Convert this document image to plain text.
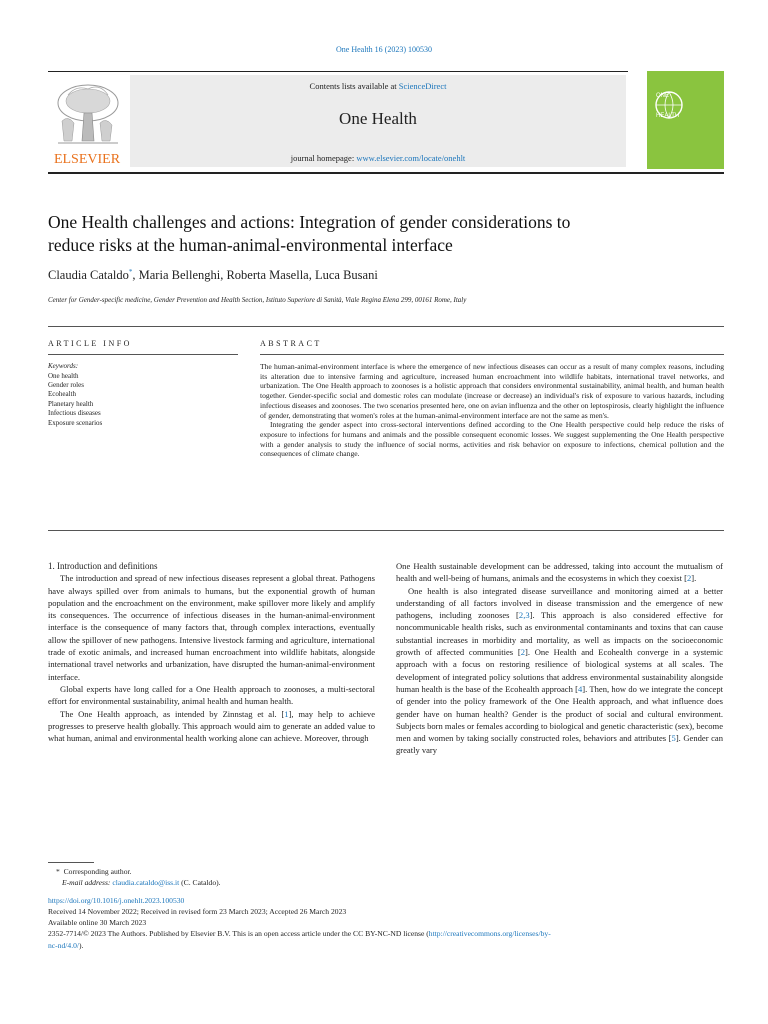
One Health 16 (2023) 100530
ELSEVIER
Contents lists available at ScienceDirect
One Health
journal homepage: www.elsevier.com/locate/onehlt
ONE
HEALTH
One Health challenges and actions: Integration of gender considerations to
reduce risks at the human-animal-environmental interface
Claudia Cataldo*, Maria Bellenghi, Roberta Masella, Luca Busani
Center for Gender-specific medicine, Gender Prevention and Health Section, Istituto Superiore di Sanità, Viale Regina Elena 299, 00161 Rome, Italy
ARTICLE INFO	ABSTRACT
Keywords:
One health
Gender roles
Ecohealth
Planetary health
Infectious diseases
Exposure scenarios

The human-animal-environment interface is where the emergence of new infectious diseases can occur as a result of many complex reasons, including its alteration due to intensive farming and agriculture, increased human encroachment into wildlife habitats, international travel networks, and urbanization. The One Health approach to zoonoses is a holistic approach that considers environmental sustainability, animal health, and human health together. Gender-specific social and domestic roles can modulate (increase or decrease) an individual's risk of exposure to various hazards, including infectious diseases and zoonoses. The two scenarios presented here, one on avian influenza and the other on leptospirosis, clearly highlight the influence of gender, demonstrating that women's roles at the human-animal-environment interface are not the same as men's.

Integrating the gender aspect into cross-sectoral interventions defined according to the One Health perspective could help reduce the risks of exposure to infections for humans and animals and the possible consequent economic losses. We suggest supplementing the One Health perspective with a gender analysis to study the influence of social norms, activities and risk behavior on exposure to infections, chemical pollution and the consequences of climate change.

1. Introduction and definitions

The introduction and spread of new infectious diseases represent a global threat. Pathogens have always spilled over from animals to humans, but the exponential growth of human population and the encroachment on the environment, make spillover more likely and amplify its consequences. The occurrence of infectious diseases in the human-animal-environment interface is the consequence of many factors that, through complex interactions, eventually allow the spillover of new pathogens. Intensive livestock farming and agriculture, international trade of exotic animals, and increased human encroachment into wildlife habitats, alongside international travel networks and urbanization, have disrupted the human-animal-environment interface.

Global experts have long called for a One Health approach to zoonoses, a multi-sectoral effort for environmental sustainability, animal health and human health.

The One Health approach, as intended by Zinnstag et al. [1], may help to achieve progresses to preserve health globally. This approach would aim to generate an added value to what human, animal and environmental health working alone can achieve. Moreover, through

One Health sustainable development can be addressed, taking into account the mutualism of health and well-being of humans, animals and the ecosystems in which they coexist [2].

One health is also integrated disease surveillance and monitoring aimed at a better understanding of all factors involved in disease transmission and the emergence of new pathogens, including zoonoses [2,3]. This approach is also considered effective for noncommunicable health risks, such as environmental contaminants and toxins that can cause substantial increases in morbidity and mortality, as well as impacts on the socioeconomic growth of affected communities [2]. One Health and Ecohealth converge in a systemic approach with a focus on restoring resilience of biological systems at all scales. The development of integrated policy solutions that address environmental sustainability alongside human health is the base of the Ecohealth approach [4]. Then, how do we integrate the concept of gender into the policy framework of the One Health approach, and what influence does gender have on human health? Gender is the product of social and cultural environment. Subjects born males or females according to biological and genetic characteristic (sex), become men and women by taking socially constructed roles, behaviors and attributes [5]. Gender can greatly vary

* Corresponding author.
E-mail address: claudia.cataldo@iss.it (C. Cataldo).
https://doi.org/10.1016/j.onehlt.2023.100530
Received 14 November 2022; Received in revised form 23 March 2023; Accepted 26 March 2023
Available online 30 March 2023
2352-7714/© 2023 The Authors. Published by Elsevier B.V. This is an open access article under the CC BY-NC-ND license (http://creativecommons.org/licenses/by-
nc-nd/4.0/).
